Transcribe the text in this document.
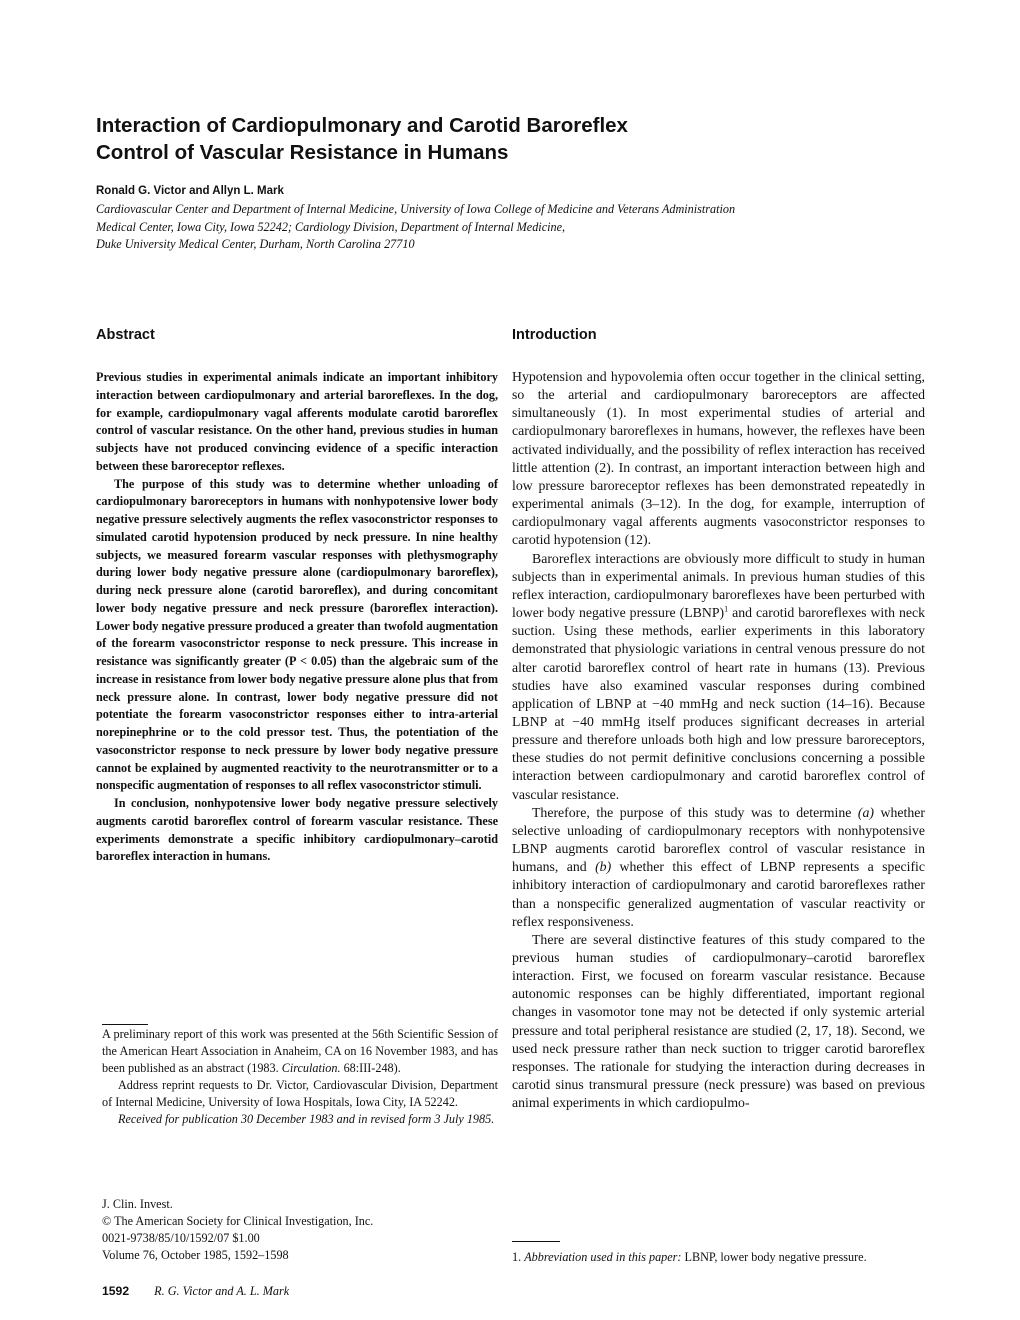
Interaction of Cardiopulmonary and Carotid Baroreflex
Control of Vascular Resistance in Humans
Ronald G. Victor and Allyn L. Mark
Cardiovascular Center and Department of Internal Medicine, University of Iowa College of Medicine and Veterans Administration
Medical Center, Iowa City, Iowa 52242; Cardiology Division, Department of Internal Medicine,
Duke University Medical Center, Durham, North Carolina 27710
Abstract	Introduction

Previous studies in experimental animals indicate an important inhibitory interaction between cardiopulmonary and arterial baroreflexes. In the dog, for example, cardiopulmonary vagal afferents modulate carotid baroreflex control of vascular resistance. On the other hand, previous studies in human subjects have not produced convincing evidence of a specific interaction between these baroreceptor reflexes.

The purpose of this study was to determine whether unloading of cardiopulmonary baroreceptors in humans with nonhypotensive lower body negative pressure selectively augments the reflex vasoconstrictor responses to simulated carotid hypotension produced by neck pressure. In nine healthy subjects, we measured forearm vascular responses with plethysmography during lower body negative pressure alone (cardiopulmonary baroreflex), during neck pressure alone (carotid baroreflex), and during concomitant lower body negative pressure and neck pressure (baroreflex interaction). Lower body negative pressure produced a greater than twofold augmentation of the forearm vasoconstrictor response to neck pressure. This increase in resistance was significantly greater (P < 0.05) than the algebraic sum of the increase in resistance from lower body negative pressure alone plus that from neck pressure alone. In contrast, lower body negative pressure did not potentiate the forearm vasoconstrictor responses either to intra-arterial norepinephrine or to the cold pressor test. Thus, the potentiation of the vasoconstrictor response to neck pressure by lower body negative pressure cannot be explained by augmented reactivity to the neurotransmitter or to a nonspecific augmentation of responses to all reflex vasoconstrictor stimuli.

In conclusion, nonhypotensive lower body negative pressure selectively augments carotid baroreflex control of forearm vascular resistance. These experiments demonstrate a specific inhibitory cardiopulmonary–carotid baroreflex interaction in humans.

A preliminary report of this work was presented at the 56th Scientific Session of the American Heart Association in Anaheim, CA on 16 November 1983, and has been published as an abstract (1983. Circulation. 68:III-248).

Address reprint requests to Dr. Victor, Cardiovascular Division, Department of Internal Medicine, University of Iowa Hospitals, Iowa City, IA 52242.

Received for publication 30 December 1983 and in revised form 3 July 1985.

J. Clin. Invest.
© The American Society for Clinical Investigation, Inc.
0021-9738/85/10/1592/07 $1.00
Volume 76, October 1985, 1592–1598

Hypotension and hypovolemia often occur together in the clinical setting, so the arterial and cardiopulmonary baroreceptors are affected simultaneously (1). In most experimental studies of arterial and cardiopulmonary baroreflexes in humans, however, the reflexes have been activated individually, and the possibility of reflex interaction has received little attention (2). In contrast, an important interaction between high and low pressure baroreceptor reflexes has been demonstrated repeatedly in experimental animals (3–12). In the dog, for example, interruption of cardiopulmonary vagal afferents augments vasoconstrictor responses to carotid hypotension (12).

Baroreflex interactions are obviously more difficult to study in human subjects than in experimental animals. In previous human studies of this reflex interaction, cardiopulmonary baroreflexes have been perturbed with lower body negative pressure (LBNP)$^1$ and carotid baroreflexes with neck suction. Using these methods, earlier experiments in this laboratory demonstrated that physiologic variations in central venous pressure do not alter carotid baroreflex control of heart rate in humans (13). Previous studies have also examined vascular responses during combined application of LBNP at −40 mmHg and neck suction (14–16). Because LBNP at −40 mmHg itself produces significant decreases in arterial pressure and therefore unloads both high and low pressure baroreceptors, these studies do not permit definitive conclusions concerning a possible interaction between cardiopulmonary and carotid baroreflex control of vascular resistance.

Therefore, the purpose of this study was to determine (a) whether selective unloading of cardiopulmonary receptors with nonhypotensive LBNP augments carotid baroreflex control of vascular resistance in humans, and (b) whether this effect of LBNP represents a specific inhibitory interaction of cardiopulmonary and carotid baroreflexes rather than a nonspecific generalized augmentation of vascular reactivity or reflex responsiveness.

There are several distinctive features of this study compared to the previous human studies of cardiopulmonary–carotid baroreflex interaction. First, we focused on forearm vascular resistance. Because autonomic responses can be highly differentiated, important regional changes in vasomotor tone may not be detected if only systemic arterial pressure and total peripheral resistance are studied (2, 17, 18). Second, we used neck pressure rather than neck suction to trigger carotid baroreflex responses. The rationale for studying the interaction during decreases in carotid sinus transmural pressure (neck pressure) was based on previous animal experiments in which cardiopulmo-

1. Abbreviation used in this paper: LBNP, lower body negative pressure.
1592 R. G. Victor and A. L. Mark
